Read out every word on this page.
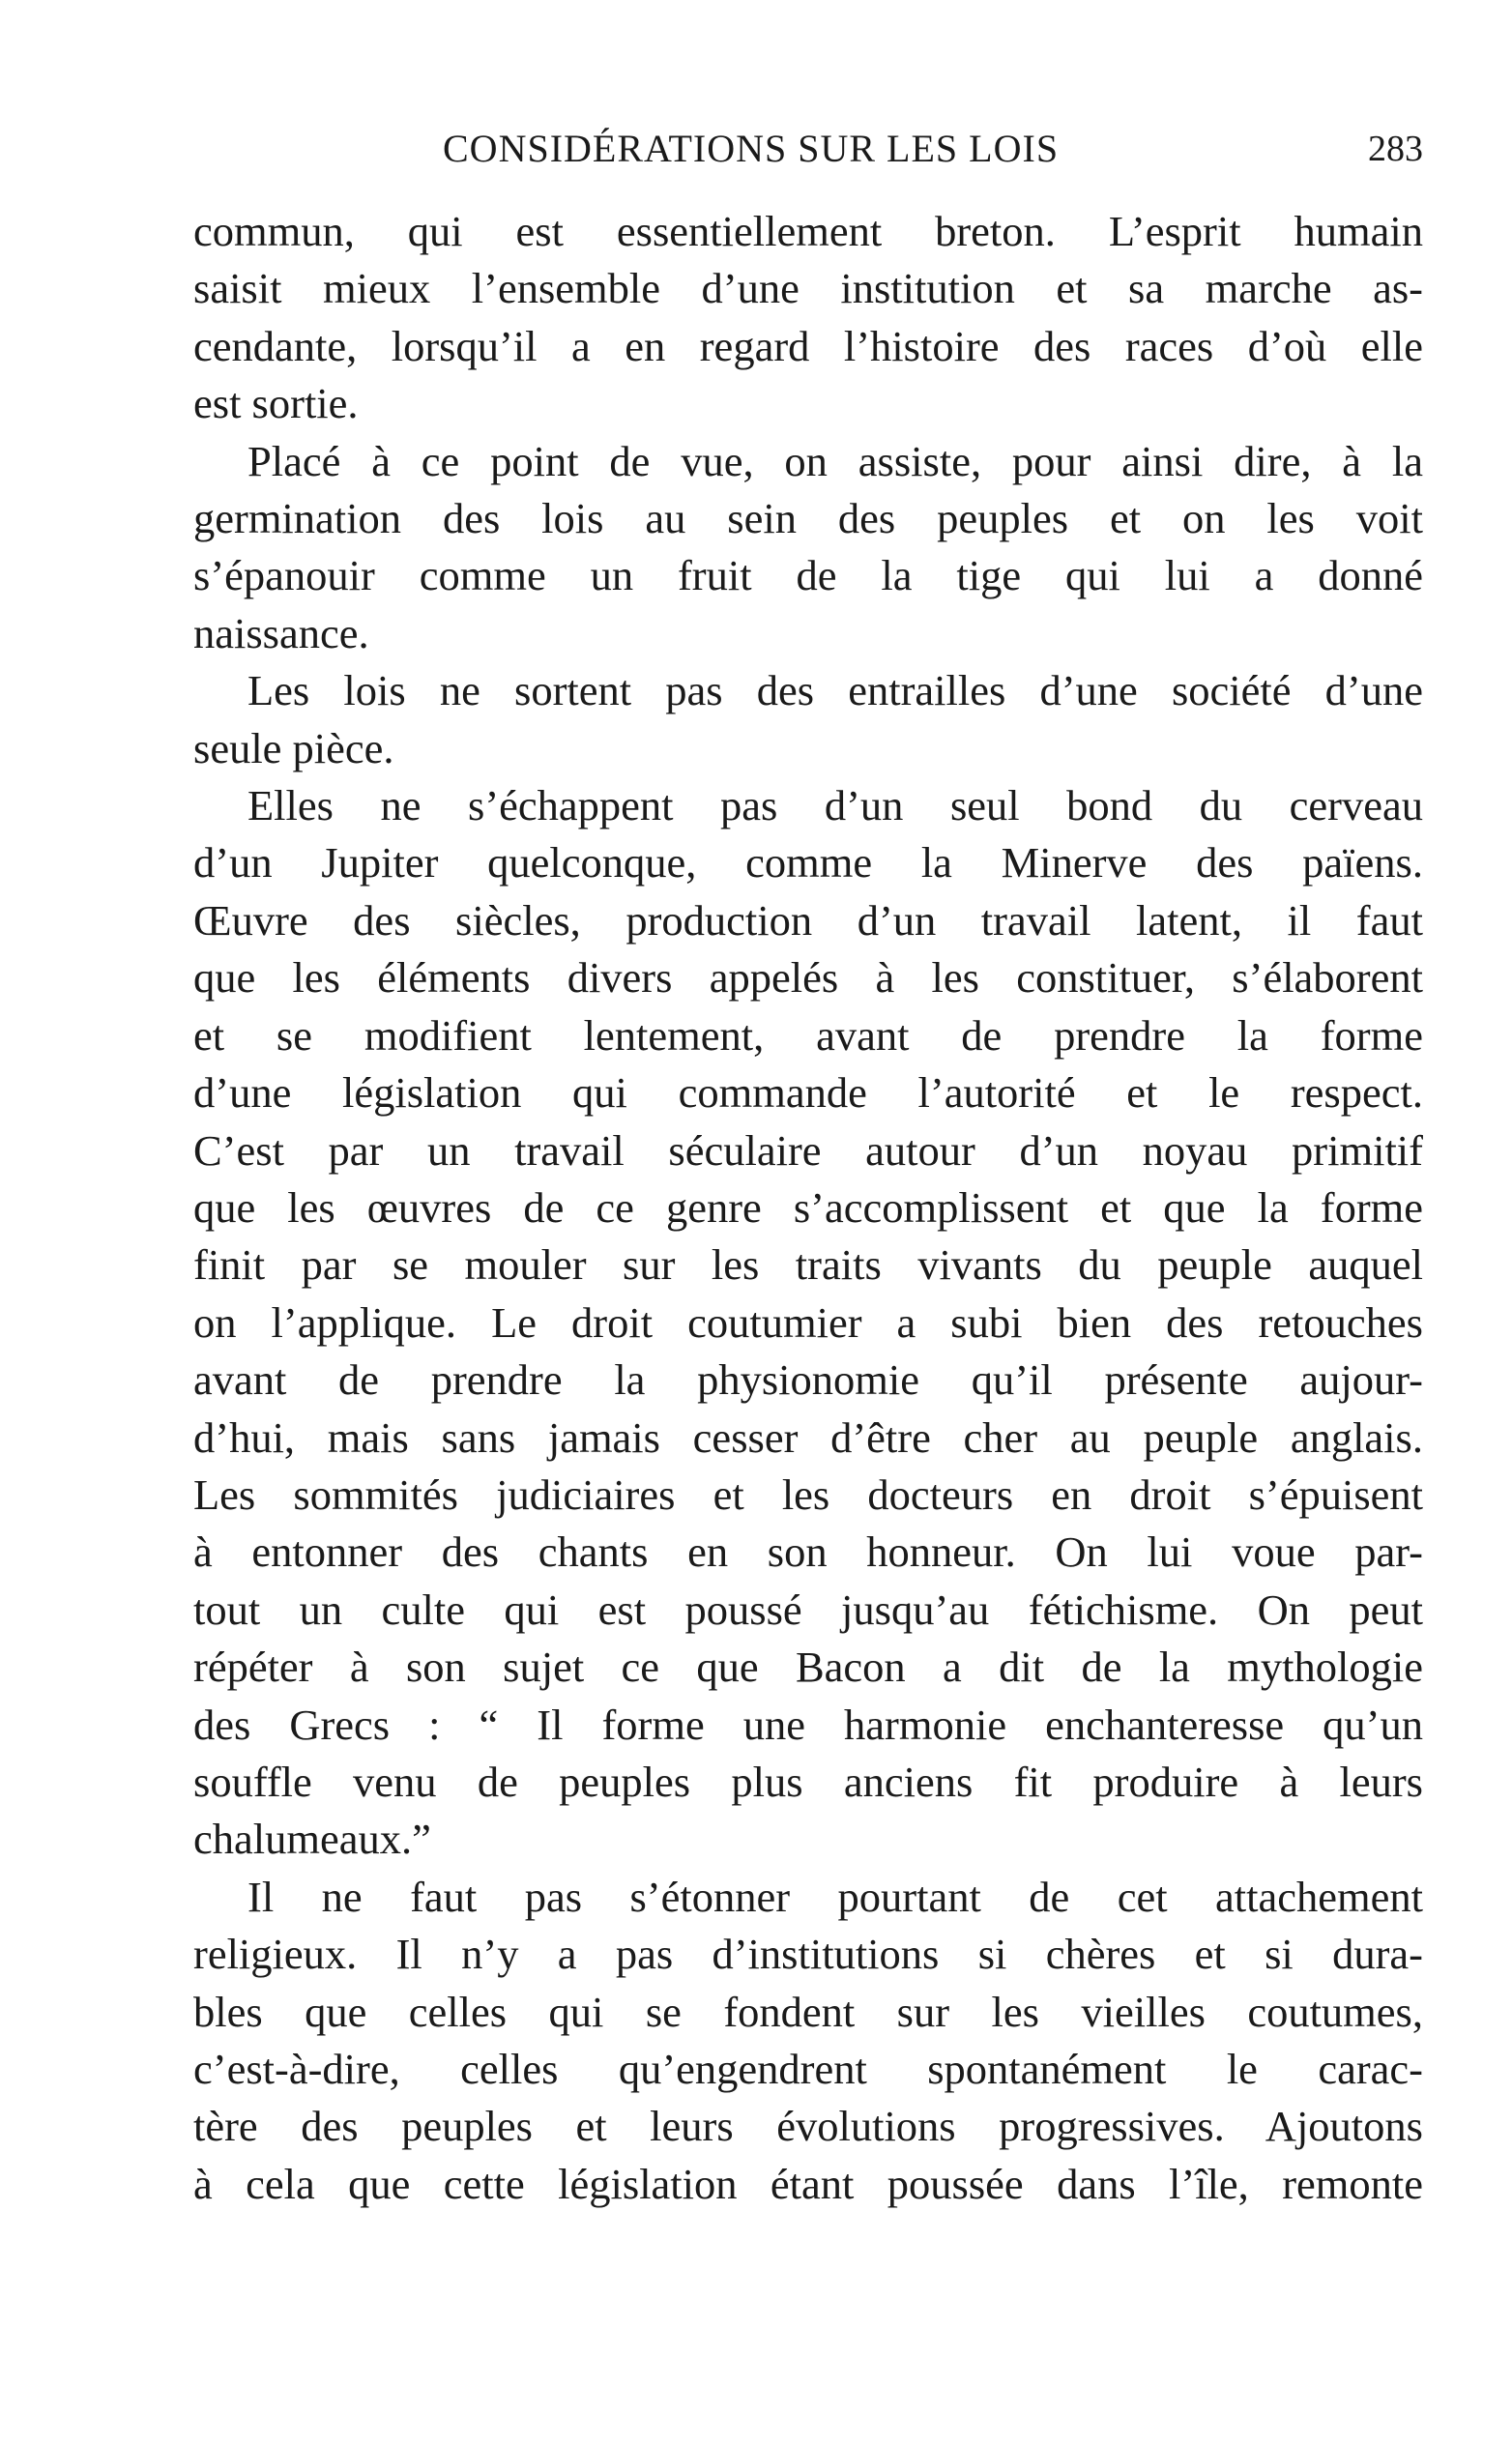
CONSIDÉRATIONS SUR LES LOIS	283
commun, qui est essentiellement breton. L’esprit humain
saisit mieux l’ensemble d’une institution et sa marche as-
cendante, lorsqu’il a en regard l’histoire des races d’où elle
est sortie.
Placé à ce point de vue, on assiste, pour ainsi dire, à la
germination des lois au sein des peuples et on les voit
s’épanouir comme un fruit de la tige qui lui a donné
naissance.
Les lois ne sortent pas des entrailles d’une société d’une
seule pièce.
Elles ne s’échappent pas d’un seul bond du cerveau
d’un Jupiter quelconque, comme la Minerve des païens.
Œuvre des siècles, production d’un travail latent, il faut
que les éléments divers appelés à les constituer, s’élaborent
et se modifient lentement, avant de prendre la forme
d’une législation qui commande l’autorité et le respect.
C’est par un travail séculaire autour d’un noyau primitif
que les œuvres de ce genre s’accomplissent et que la forme
finit par se mouler sur les traits vivants du peuple auquel
on l’applique. Le droit coutumier a subi bien des retouches
avant de prendre la physionomie qu’il présente aujour-
d’hui, mais sans jamais cesser d’être cher au peuple anglais.
Les sommités judiciaires et les docteurs en droit s’épuisent
à entonner des chants en son honneur. On lui voue par-
tout un culte qui est poussé jusqu’au fétichisme. On peut
répéter à son sujet ce que Bacon a dit de la mythologie
des Grecs : “ Il forme une harmonie enchanteresse qu’un
souffle venu de peuples plus anciens fit produire à leurs
chalumeaux.”
Il ne faut pas s’étonner pourtant de cet attachement
religieux. Il n’y a pas d’institutions si chères et si dura-
bles que celles qui se fondent sur les vieilles coutumes,
c’est-à-dire, celles qu’engendrent spontanément le carac-
tère des peuples et leurs évolutions progressives. Ajoutons
à cela que cette législation étant poussée dans l’île, remonte
